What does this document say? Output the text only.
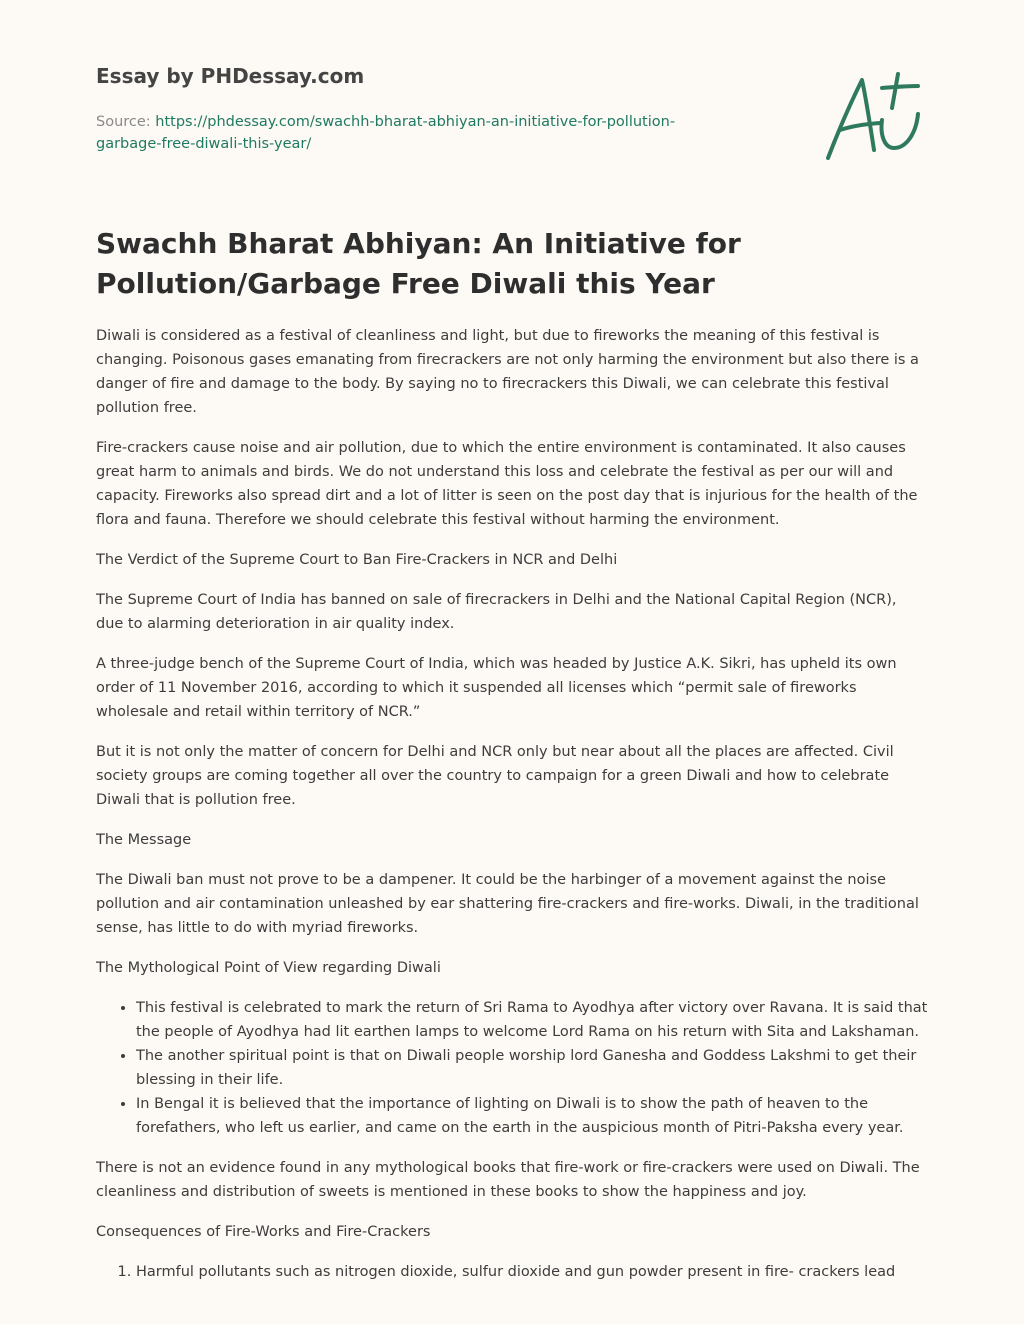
Essay by PHDessay.com
Source: https://phdessay.com/swachh-bharat-abhiyan-an-initiative-for-pollution-garbage-free-diwali-this-year/
Swachh Bharat Abhiyan: An Initiative for Pollution/Garbage Free Diwali this Year

Diwali is considered as a festival of cleanliness and light, but due to fireworks the meaning of this festival is changing. Poisonous gases emanating from firecrackers are not only harming the environment but also there is a danger of fire and damage to the body. By saying no to firecrackers this Diwali, we can celebrate this festival pollution free.

Fire-crackers cause noise and air pollution, due to which the entire environment is contaminated. It also causes great harm to animals and birds. We do not understand this loss and celebrate the festival as per our will and capacity. Fireworks also spread dirt and a lot of litter is seen on the post day that is injurious for the health of the flora and fauna. Therefore we should celebrate this festival without harming the environment.

The Verdict of the Supreme Court to Ban Fire-Crackers in NCR and Delhi

The Supreme Court of India has banned on sale of firecrackers in Delhi and the National Capital Region (NCR), due to alarming deterioration in air quality index.

A three-judge bench of the Supreme Court of India, which was headed by Justice A.K. Sikri, has upheld its own order of 11 November 2016, according to which it suspended all licenses which “permit sale of fireworks wholesale and retail within territory of NCR.”

But it is not only the matter of concern for Delhi and NCR only but near about all the places are affected. Civil society groups are coming together all over the country to campaign for a green Diwali and how to celebrate Diwali that is pollution free.

The Message

The Diwali ban must not prove to be a dampener. It could be the harbinger of a movement against the noise pollution and air contamination unleashed by ear shattering fire-crackers and fire-works. Diwali, in the traditional sense, has little to do with myriad fireworks.

The Mythological Point of View regarding Diwali

• This festival is celebrated to mark the return of Sri Rama to Ayodhya after victory over Ravana. It is said that the people of Ayodhya had lit earthen lamps to welcome Lord Rama on his return with Sita and Lakshaman.
• The another spiritual point is that on Diwali people worship lord Ganesha and Goddess Lakshmi to get their blessing in their life.
• In Bengal it is believed that the importance of lighting on Diwali is to show the path of heaven to the forefathers, who left us earlier, and came on the earth in the auspicious month of Pitri-Paksha every year.

There is not an evidence found in any mythological books that fire-work or fire-crackers were used on Diwali. The cleanliness and distribution of sweets is mentioned in these books to show the happiness and joy.

Consequences of Fire-Works and Fire-Crackers

1. Harmful pollutants such as nitrogen dioxide, sulfur dioxide and gun powder present in fire- crackers lead
